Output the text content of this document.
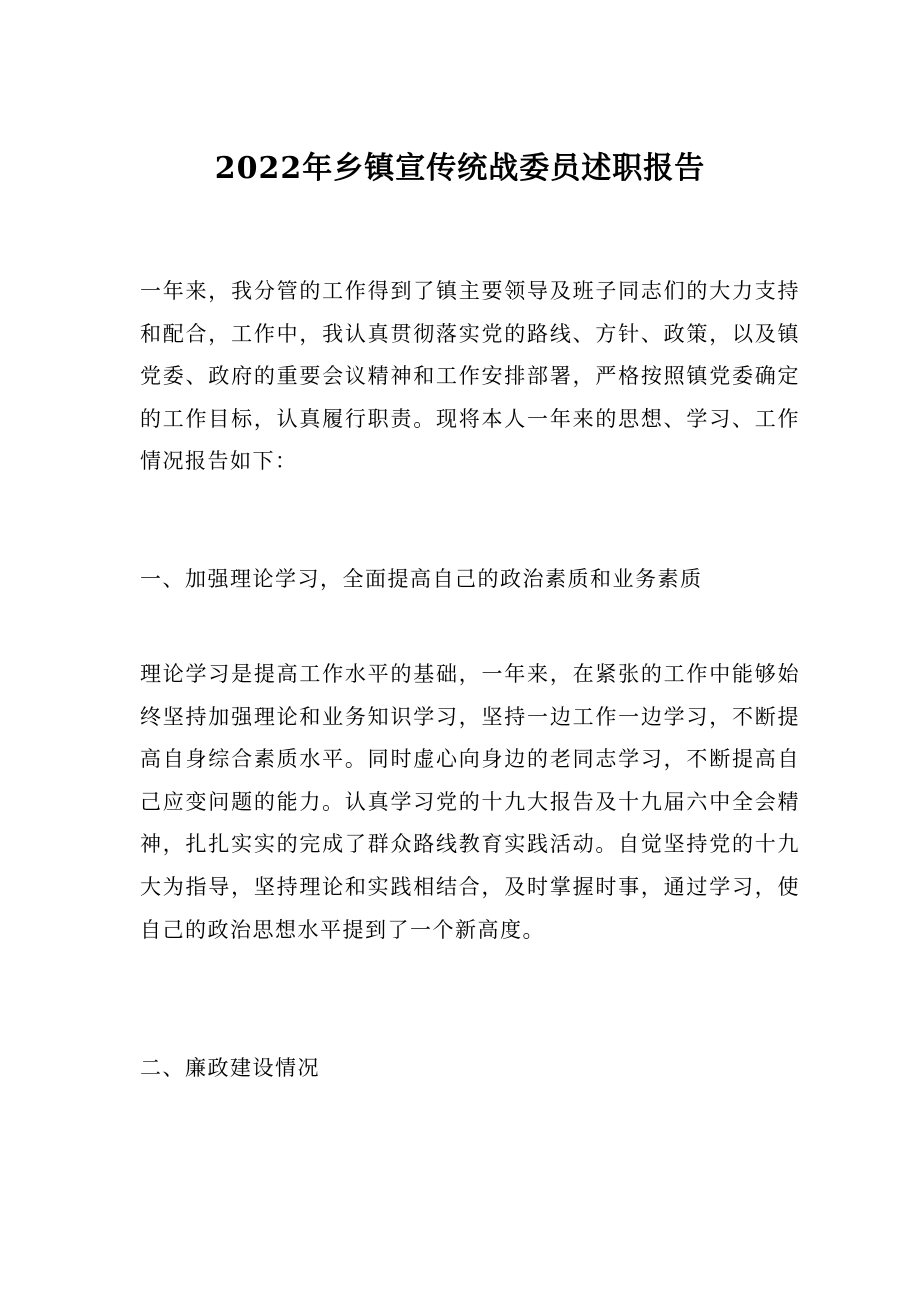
2022年乡镇宣传统战委员述职报告

一年来，我分管的工作得到了镇主要领导及班子同志们的大力支持和配合，工作中，我认真贯彻落实党的路线、方针、政策，以及镇党委、政府的重要会议精神和工作安排部署，严格按照镇党委确定的工作目标，认真履行职责。现将本人一年来的思想、学习、工作情况报告如下：

一、加强理论学习，全面提高自己的政治素质和业务素质

理论学习是提高工作水平的基础，一年来，在紧张的工作中能够始终坚持加强理论和业务知识学习，坚持一边工作一边学习，不断提高自身综合素质水平。同时虚心向身边的老同志学习，不断提高自己应变问题的能力。认真学习党的十九大报告及十九届六中全会精神，扎扎实实的完成了群众路线教育实践活动。自觉坚持党的十九大为指导，坚持理论和实践相结合，及时掌握时事，通过学习，使自己的政治思想水平提到了一个新高度。

二、廉政建设情况
